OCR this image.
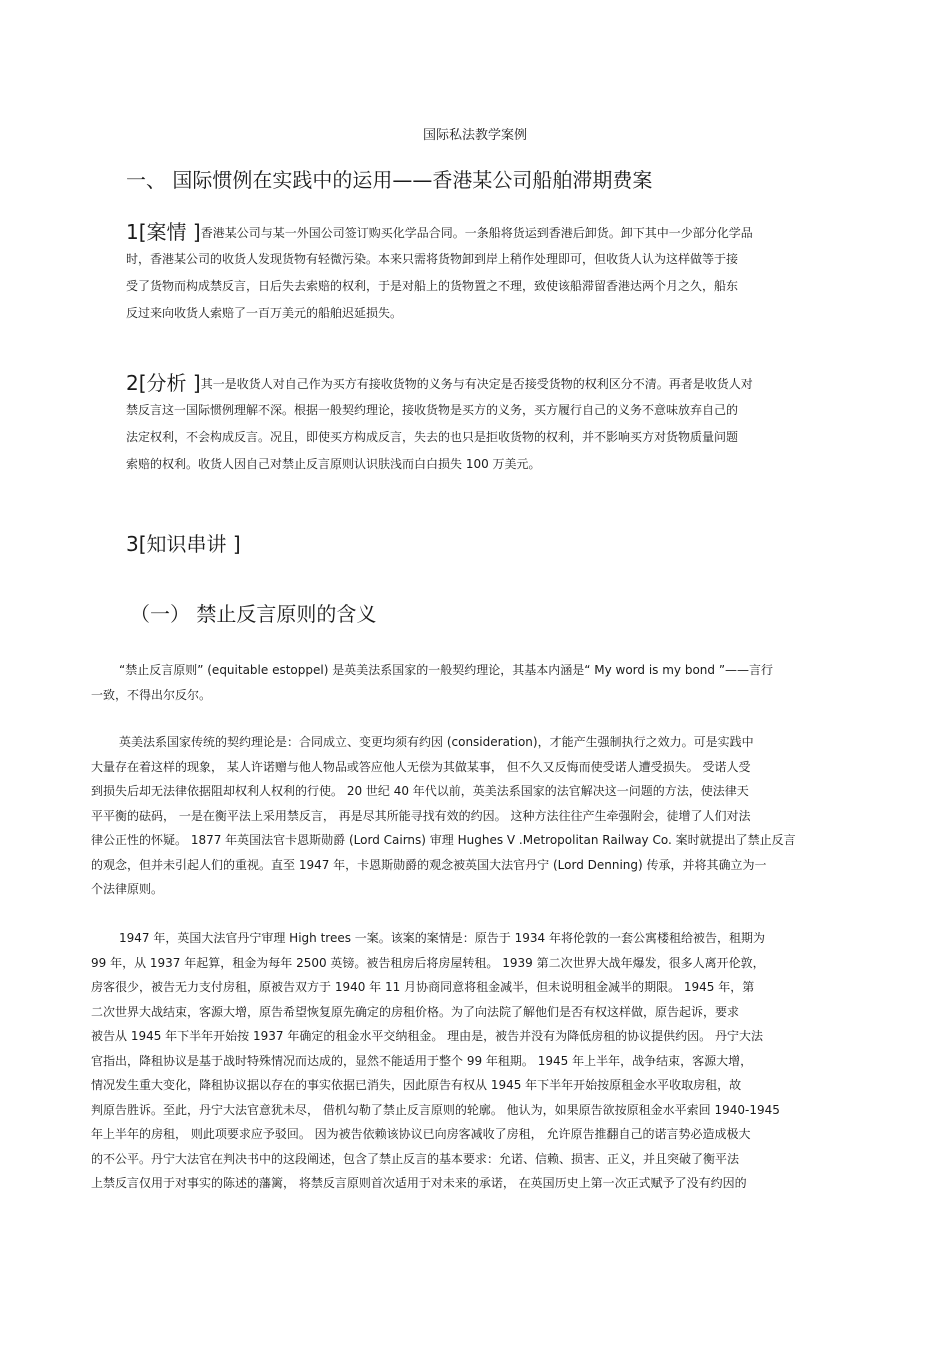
国际私法教学案例
一、 国际惯例在实践中的运用——香港某公司船舶滞期费案
1[案情 ]香港某公司与某一外国公司签订购买化学品合同。一条船将货运到香港后卸货。卸下其中一少部分化学品
时，香港某公司的收货人发现货物有轻微污染。本来只需将货物卸到岸上稍作处理即可，但收货人认为这样做等于接
受了货物而构成禁反言，日后失去索赔的权利，于是对船上的货物置之不理，致使该船滞留香港达两个月之久，船东
反过来向收货人索赔了一百万美元的船舶迟延损失。
2[分析 ]其一是收货人对自己作为买方有接收货物的义务与有决定是否接受货物的权利区分不清。再者是收货人对
禁反言这一国际惯例理解不深。根据一般契约理论，接收货物是买方的义务，买方履行自己的义务不意味放弃自己的
法定权利，不会构成反言。况且，即使买方构成反言，失去的也只是拒收货物的权利，并不影响买方对货物质量问题
索赔的权利。收货人因自己对禁止反言原则认识肤浅而白白损失 100 万美元。
3[知识串讲 ]
（一） 禁止反言原则的含义
“禁止反言原则” (equitable estoppel) 是英美法系国家的一般契约理论，其基本内涵是“ My word is my bond ”——言行
一致，不得出尔反尔。
英美法系国家传统的契约理论是：合同成立、变更均须有约因 (consideration)，才能产生强制执行之效力。可是实践中
大量存在着这样的现象， 某人许诺赠与他人物品或答应他人无偿为其做某事， 但不久又反悔而使受诺人遭受损失。 受诺人受
到损失后却无法律依据阻却权利人权利的行使。 20 世纪 40 年代以前，英美法系国家的法官解决这一问题的方法，使法律天
平平衡的砝码， 一是在衡平法上采用禁反言， 再是尽其所能寻找有效的约因。 这种方法往往产生牵强附会，徒增了人们对法
律公正性的怀疑。 1877 年英国法官卡恩斯勋爵 (Lord Cairns) 审理 Hughes V .Metropolitan Railway Co. 案时就提出了禁止反言
的观念，但并未引起人们的重视。直至 1947 年，卡恩斯勋爵的观念被英国大法官丹宁 (Lord Denning) 传承，并将其确立为一
个法律原则。
1947 年，英国大法官丹宁审理 High trees 一案。该案的案情是：原告于 1934 年将伦敦的一套公寓楼租给被告，租期为
99 年，从 1937 年起算，租金为每年 2500 英镑。被告租房后将房屋转租。 1939 第二次世界大战年爆发，很多人离开伦敦，
房客很少，被告无力支付房租，原被告双方于 1940 年 11 月协商同意将租金减半，但未说明租金减半的期限。 1945 年，第
二次世界大战结束，客源大增，原告希望恢复原先确定的房租价格。为了向法院了解他们是否有权这样做，原告起诉，要求
被告从 1945 年下半年开始按 1937 年确定的租金水平交纳租金。 理由是，被告并没有为降低房租的协议提供约因。 丹宁大法
官指出，降租协议是基于战时特殊情况而达成的，显然不能适用于整个 99 年租期。 1945 年上半年，战争结束，客源大增，
情况发生重大变化，降租协议据以存在的事实依据已消失，因此原告有权从 1945 年下半年开始按原租金水平收取房租，故
判原告胜诉。至此，丹宁大法官意犹未尽， 借机勾勒了禁止反言原则的轮廓。 他认为，如果原告欲按原租金水平索回 1940-1945
年上半年的房租， 则此项要求应予驳回。 因为被告依赖该协议已向房客减收了房租， 允许原告推翻自己的诺言势必造成极大
的不公平。丹宁大法官在判决书中的这段阐述，包含了禁止反言的基本要求：允诺、信赖、损害、正义，并且突破了衡平法
上禁反言仅用于对事实的陈述的藩篱， 将禁反言原则首次适用于对未来的承诺， 在英国历史上第一次正式赋予了没有约因的
